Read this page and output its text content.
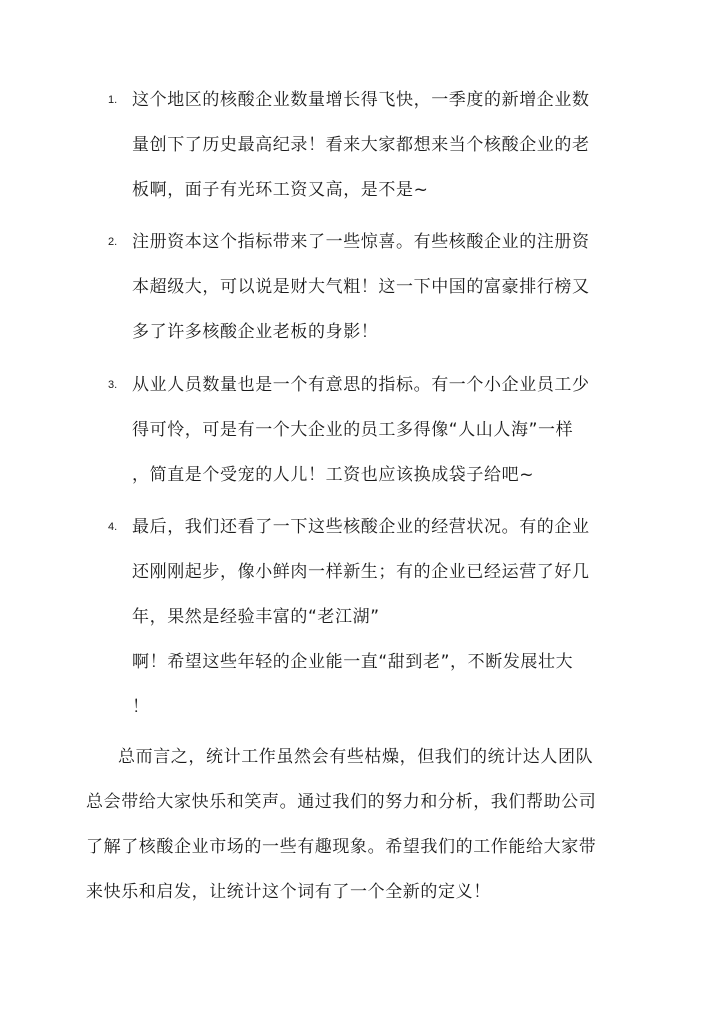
1. 这个地区的核酸企业数量增长得飞快，一季度的新增企业数
量创下了历史最高纪录！看来大家都想来当个核酸企业的老
板啊，面子有光环工资又高，是不是~
2. 注册资本这个指标带来了一些惊喜。有些核酸企业的注册资
本超级大，可以说是财大气粗！这一下中国的富豪排行榜又
多了许多核酸企业老板的身影！
3. 从业人员数量也是一个有意思的指标。有一个小企业员工少
得可怜，可是有一个大企业的员工多得像“人山人海”一样
，简直是个受宠的人儿！工资也应该换成袋子给吧~
4. 最后，我们还看了一下这些核酸企业的经营状况。有的企业
还刚刚起步，像小鲜肉一样新生；有的企业已经运营了好几
年，果然是经验丰富的“老江湖”
啊！希望这些年轻的企业能一直“甜到老”，不断发展壮大
！
总而言之，统计工作虽然会有些枯燥，但我们的统计达人团队
总会带给大家快乐和笑声。通过我们的努力和分析，我们帮助公司
了解了核酸企业市场的一些有趣现象。希望我们的工作能给大家带
来快乐和启发，让统计这个词有了一个全新的定义！
